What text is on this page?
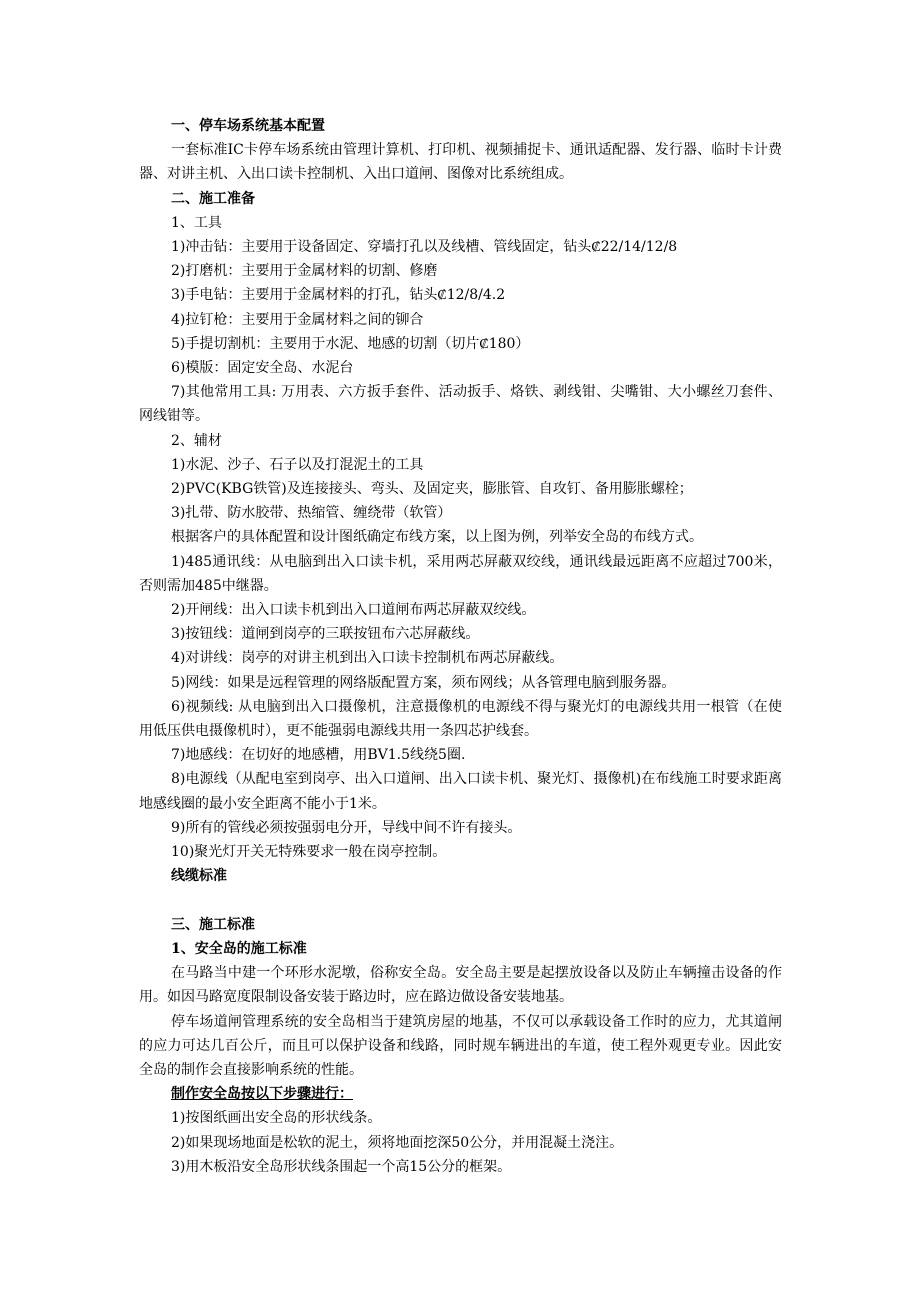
一、停车场系统基本配置

一套标准IC卡停车场系统由管理计算机、打印机、视频捕捉卡、通讯适配器、发行器、临时卡计费器、对讲主机、入出口读卡控制机、入出口道闸、图像对比系统组成。

二、施工准备

1、工具

1)冲击钻：主要用于设备固定、穿墙打孔以及线槽、管线固定，钻头₡22/14/12/8

2)打磨机：主要用于金属材料的切割、修磨

3)手电钻：主要用于金属材料的打孔，钻头₡12/8/4.2

4)拉钉枪：主要用于金属材料之间的铆合

5)手提切割机：主要用于水泥、地感的切割（切片₡180）

6)模版：固定安全岛、水泥台

7)其他常用工具: 万用表、六方扳手套件、活动扳手、烙铁、剥线钳、尖嘴钳、大小螺丝刀套件、网线钳等。

2、辅材

1)水泥、沙子、石子以及打混泥土的工具

2)PVC(KBG铁管)及连接接头、弯头、及固定夹，膨胀管、自攻钉、备用膨胀螺栓；

3)扎带、防水胶带、热缩管、缠绕带（软管）

根据客户的具体配置和设计图纸确定布线方案，以上图为例，列举安全岛的布线方式。

1)485通讯线：从电脑到出入口读卡机，采用两芯屏蔽双绞线，通讯线最远距离不应超过700米，否则需加485中继器。

2)开闸线：出入口读卡机到出入口道闸布两芯屏蔽双绞线。

3)按钮线：道闸到岗亭的三联按钮布六芯屏蔽线。

4)对讲线：岗亭的对讲主机到出入口读卡控制机布两芯屏蔽线。

5)网线：如果是远程管理的网络版配置方案，须布网线；从各管理电脑到服务器。

6)视频线: 从电脑到出入口摄像机，注意摄像机的电源线不得与聚光灯的电源线共用一根管（在使用低压供电摄像机时），更不能强弱电源线共用一条四芯护线套。

7)地感线：在切好的地感槽，用BV1.5线绕5圈.

8)电源线（从配电室到岗亭、出入口道闸、出入口读卡机、聚光灯、摄像机)在布线施工时要求距离地感线圈的最小安全距离不能小于1米。

9)所有的管线必须按强弱电分开，导线中间不许有接头。

10)聚光灯开关无特殊要求一般在岗亭控制。

线缆标准

三、施工标准

1、安全岛的施工标准

在马路当中建一个环形水泥墩，俗称安全岛。安全岛主要是起摆放设备以及防止车辆撞击设备的作用。如因马路宽度限制设备安装于路边时，应在路边做设备安装地基。

停车场道闸管理系统的安全岛相当于建筑房屋的地基，不仅可以承载设备工作时的应力，尤其道闸的应力可达几百公斤，而且可以保护设备和线路，同时规车辆进出的车道，使工程外观更专业。因此安全岛的制作会直接影响系统的性能。

制作安全岛按以下步骤进行：

1)按图纸画出安全岛的形状线条。

2)如果现场地面是松软的泥土，须将地面挖深50公分，并用混凝土浇注。

3)用木板沿安全岛形状线条围起一个高15公分的框架。
